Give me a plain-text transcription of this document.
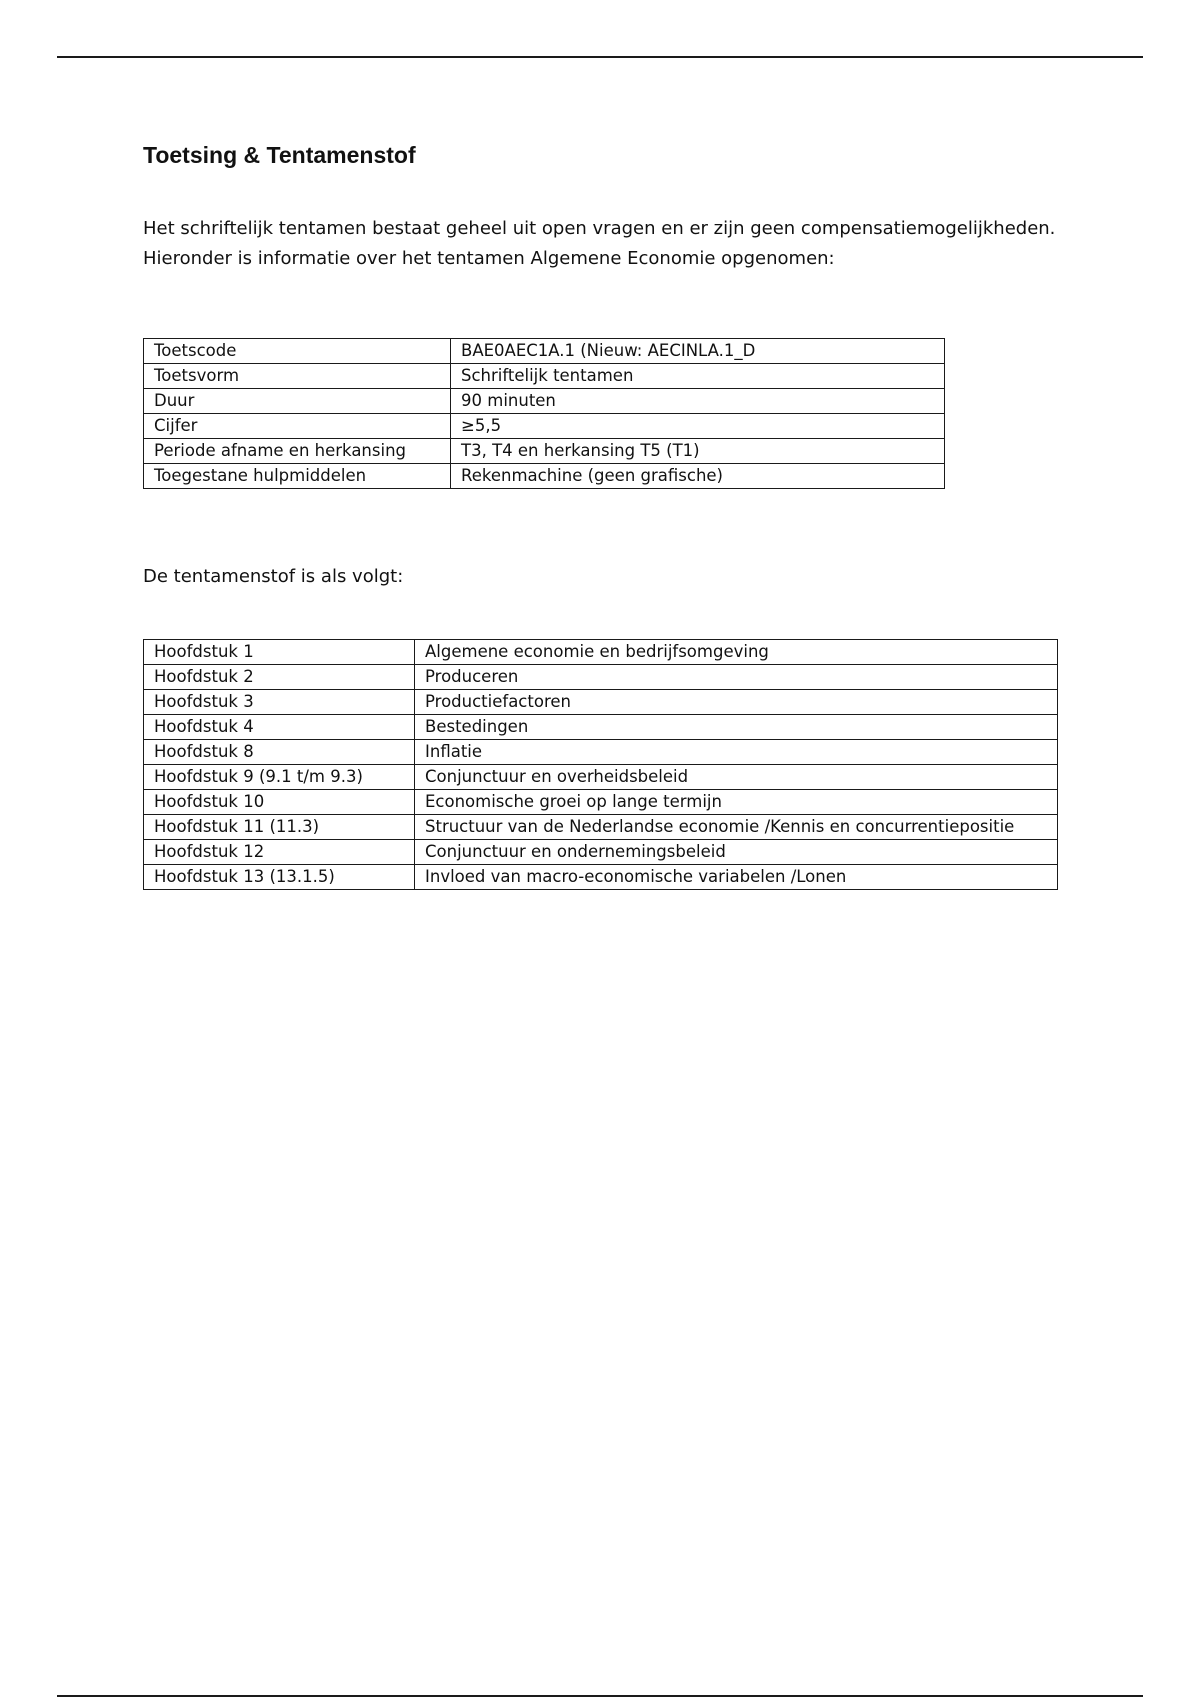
Toetsing & Tentamenstof
Het schriftelijk tentamen bestaat geheel uit open vragen en er zijn geen compensatiemogelijkheden.
Hieronder is informatie over het tentamen Algemene Economie opgenomen:
Toetscode	BAE0AEC1A.1 (Nieuw: AECINLA.1_D
Toetsvorm	Schriftelijk tentamen
Duur	90 minuten
Cijfer	≥5,5
Periode afname en herkansing	T3, T4 en herkansing T5 (T1)
Toegestane hulpmiddelen	Rekenmachine (geen grafische)
De tentamenstof is als volgt:
Hoofdstuk 1	Algemene economie en bedrijfsomgeving
Hoofdstuk 2	Produceren
Hoofdstuk 3	Productiefactoren
Hoofdstuk 4	Bestedingen
Hoofdstuk 8	Inflatie
Hoofdstuk 9 (9.1 t/m 9.3)	Conjunctuur en overheidsbeleid
Hoofdstuk 10	Economische groei op lange termijn
Hoofdstuk 11 (11.3)	Structuur van de Nederlandse economie /Kennis en concurrentiepositie
Hoofdstuk 12	Conjunctuur en ondernemingsbeleid
Hoofdstuk 13 (13.1.5)	Invloed van macro-economische variabelen /Lonen
